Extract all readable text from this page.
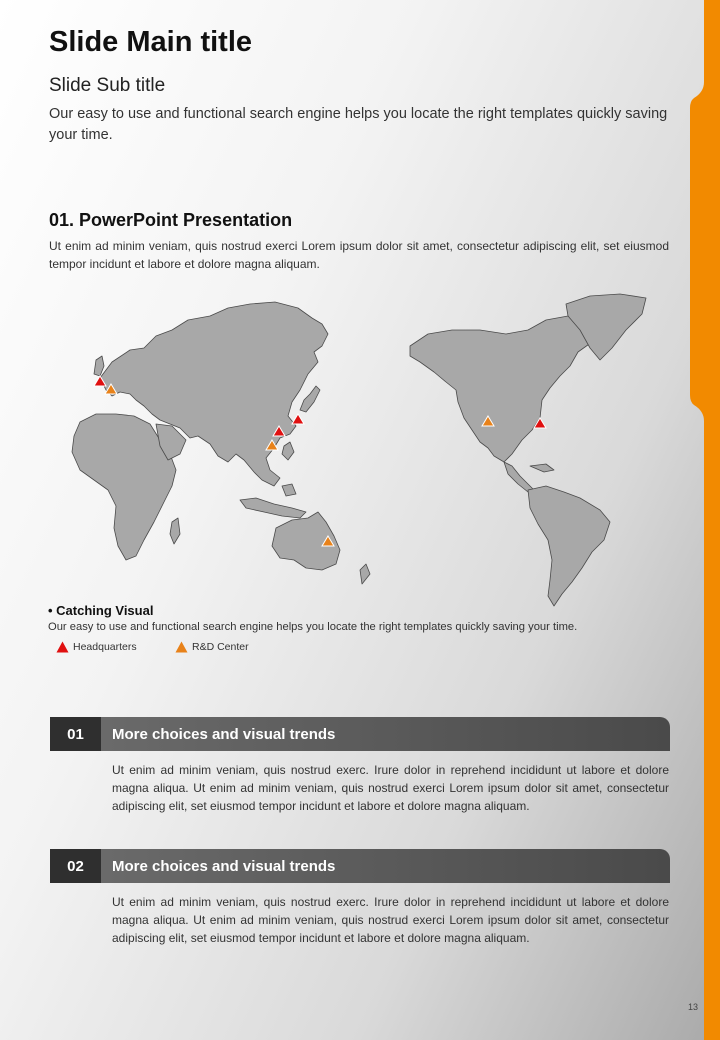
Slide Main title
Slide Sub title
Our easy to use and functional search engine helps you locate the right templates quickly saving your time.
01. PowerPoint Presentation
Ut enim ad minim veniam, quis nostrud exerci Lorem ipsum dolor sit amet, consectetur adipiscing elit, set eiusmod tempor incidunt et labore et dolore magna aliquam.
• Catching Visual
Our easy to use and functional search engine helps you locate the right templates quickly saving your time.
Headquarters	R&D Center
01	More choices and visual trends
Ut enim ad minim veniam, quis nostrud exerc. Irure dolor in reprehend incididunt ut labore et dolore magna aliqua. Ut enim ad minim veniam, quis nostrud exerci Lorem ipsum dolor sit amet, consectetur adipiscing elit, set eiusmod tempor incidunt et labore et dolore magna aliquam.
02	More choices and visual trends
Ut enim ad minim veniam, quis nostrud exerc. Irure dolor in reprehend incididunt ut labore et dolore magna aliqua. Ut enim ad minim veniam, quis nostrud exerci Lorem ipsum dolor sit amet, consectetur adipiscing elit, set eiusmod tempor incidunt et labore et dolore magna aliquam.
13
